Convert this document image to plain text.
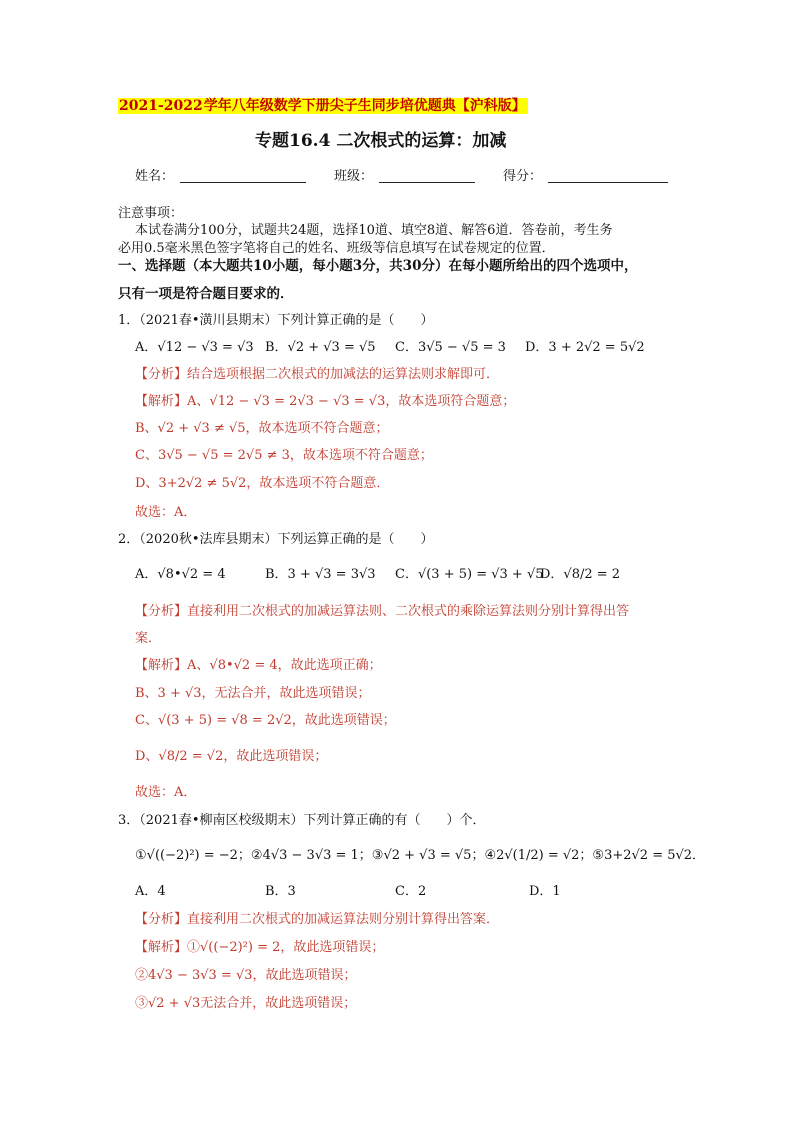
2021-2022学年八年级数学下册尖子生同步培优题典【沪科版】
专题16.4 二次根式的运算：加减
姓名：	班级：	得分：
注意事项：
本试卷满分100分，试题共24题，选择10道、填空8道、解答6道．答卷前，考生务
必用0.5毫米黑色签字笔将自己的姓名、班级等信息填写在试卷规定的位置．
一、选择题（本大题共10小题，每小题3分，共30分）在每小题所给出的四个选项中，
只有一项是符合题目要求的．
1．（2021春•潢川县期末）下列计算正确的是（　　）
A．√12 − √3 = √3 B．√2 + √3 = √5 C．3√5 − √5 = 3 D．3 + 2√2 = 5√2
【分析】结合选项根据二次根式的加减法的运算法则求解即可．
【解析】A、√12 − √3 = 2√3 − √3 = √3，故本选项符合题意；
B、√2 + √3 ≠ √5，故本选项不符合题意；
C、3√5 − √5 = 2√5 ≠ 3，故本选项不符合题意；
D、3+2√2 ≠ 5√2，故本选项不符合题意．
故选：A．
2．（2020秋•法库县期末）下列运算正确的是（　　）
A．√8•√2 = 4	B．3 + √3 = 3√3 C．√(3 + 5) = √3 + √5D．√8/2 = 2
【分析】直接利用二次根式的加减运算法则、二次根式的乘除运算法则分别计算得出答
案．
【解析】A、√8•√2 = 4，故此选项正确；
B、3 + √3，无法合并，故此选项错误；
C、√(3 + 5) = √8 = 2√2，故此选项错误；
D、√8/2 = √2，故此选项错误；
故选：A．
3．（2021春•柳南区校级期末）下列计算正确的有（　　）个．
①√((−2)²) = −2；②4√3 − 3√3 = 1；③√2 + √3 = √5；④2√(1/2) = √2；⑤3+2√2 = 5√2．
A．4	B．3	C．2	D．1
【分析】直接利用二次根式的加减运算法则分别计算得出答案．
【解析】①√((−2)²) = 2，故此选项错误；
②4√3 − 3√3 = √3，故此选项错误；
③√2 + √3无法合并，故此选项错误；
